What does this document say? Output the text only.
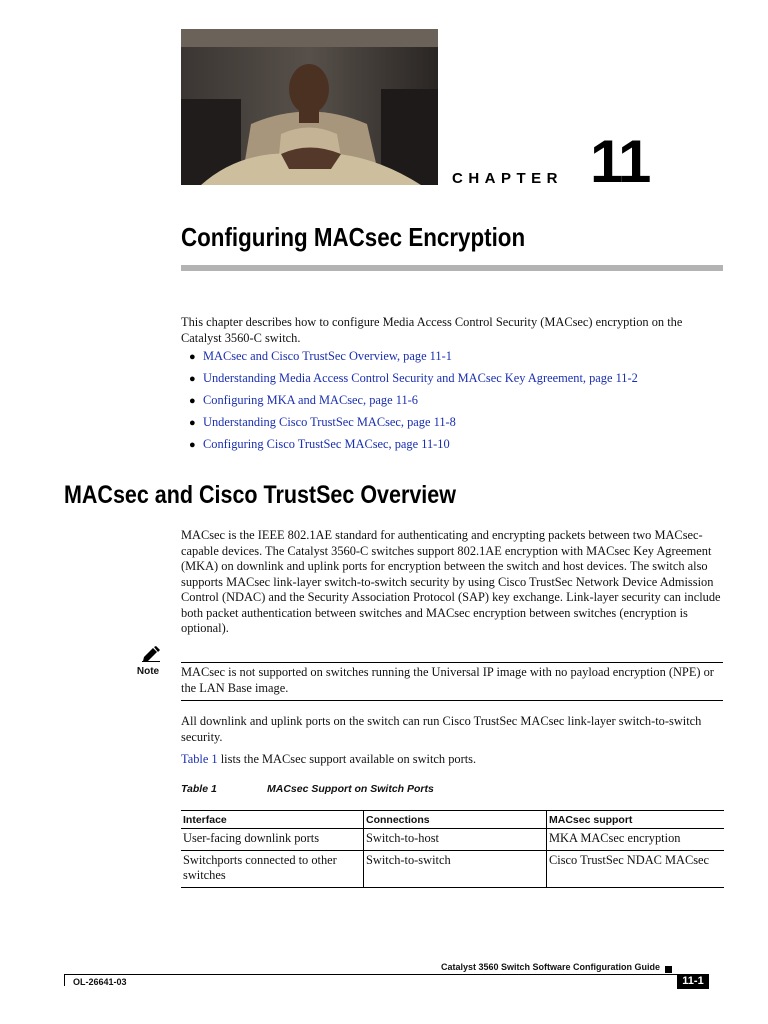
CHAPTER 11
Configuring MACsec Encryption
This chapter describes how to configure Media Access Control Security (MACsec) encryption on the Catalyst 3560-C switch.
● MACsec and Cisco TrustSec Overview, page 11-1
● Understanding Media Access Control Security and MACsec Key Agreement, page 11-2
● Configuring MKA and MACsec, page 11-6
● Understanding Cisco TrustSec MACsec, page 11-8
● Configuring Cisco TrustSec MACsec, page 11-10
MACsec and Cisco TrustSec Overview
MACsec is the IEEE 802.1AE standard for authenticating and encrypting packets between two MACsec-capable devices. The Catalyst 3560-C switches support 802.1AE encryption with MACsec Key Agreement (MKA) on downlink and uplink ports for encryption between the switch and host devices. The switch also supports MACsec link-layer switch-to-switch security by using Cisco TrustSec Network Device Admission Control (NDAC) and the Security Association Protocol (SAP) key exchange. Link-layer security can include both packet authentication between switches and MACsec encryption between switches (encryption is optional).
Note MACsec is not supported on switches running the Universal IP image with no payload encryption (NPE) or the LAN Base image.
All downlink and uplink ports on the switch can run Cisco TrustSec MACsec link-layer switch-to-switch security.
Table 1 lists the MACsec support available on switch ports.
Table 1	MACsec Support on Switch Ports
Interface	Connections	MACsec support
User-facing downlink ports	Switch-to-host	MKA MACsec encryption
Switchports connected to other switches	Switch-to-switch	Cisco TrustSec NDAC MACsec
Catalyst 3560 Switch Software Configuration Guide
OL-26641-03	11-1
